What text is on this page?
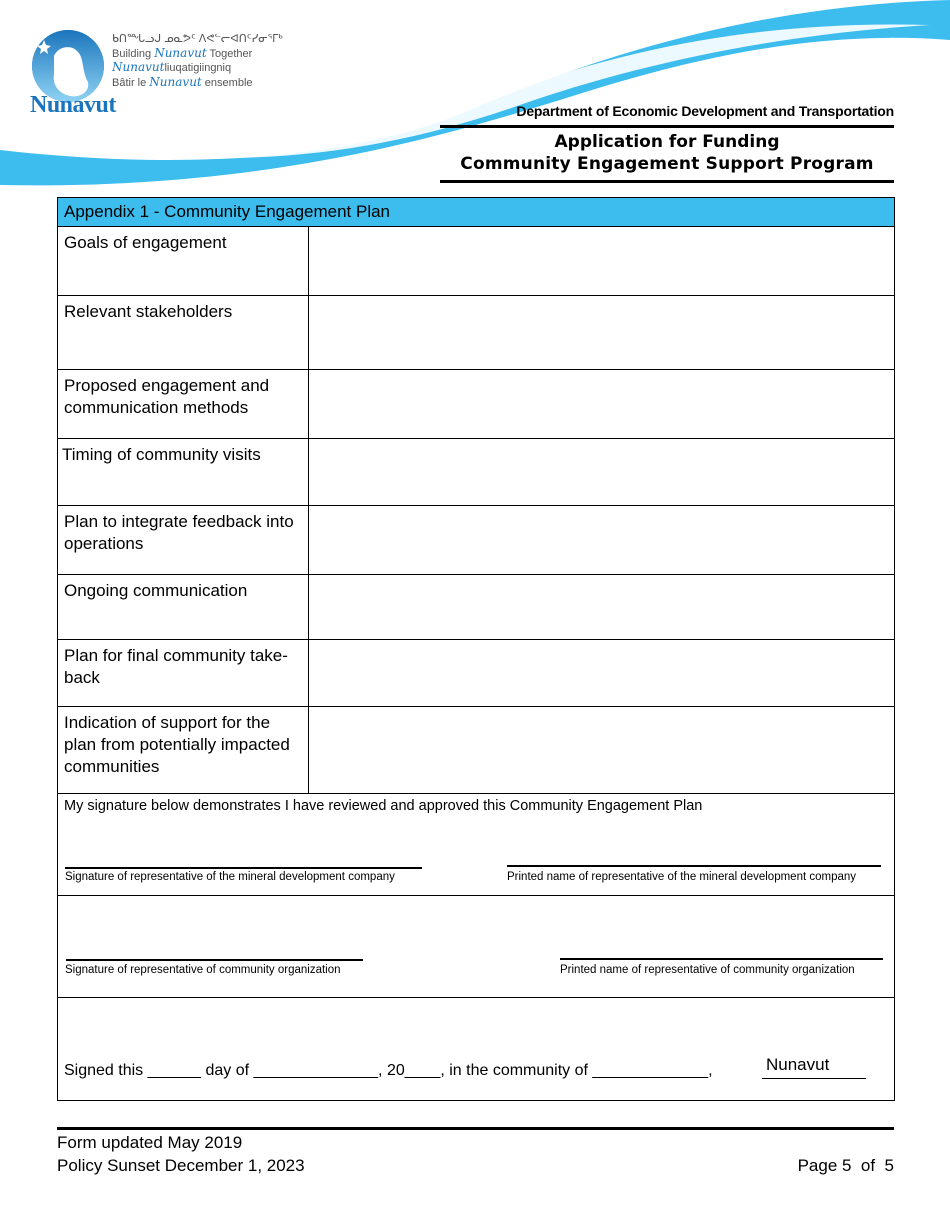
Nunavut
ᑲᑎᙵᓗᒍ ᓄᓇᕗᑦ ᐱᕙᓪᓕᐊᑎᑦᓯᓂᕐᒥᒃ
Building Nunavut Together
Nunavutliuqatigiingniq
Bâtir le Nunavut ensemble
Department of Economic Development and Transportation
Application for Funding
Community Engagement Support Program
Appendix 1 - Community Engagement Plan
Goals of engagement
Relevant stakeholders
Proposed engagement and communication methods
Timing of community visits
Plan to integrate feedback into operations
Ongoing communication
Plan for final community take-back
Indication of support for the plan from potentially impacted communities
My signature below demonstrates I have reviewed and approved this Community Engagement Plan
Signature of representative of the mineral development company	Printed name of representative of the mineral development company
Signature of representative of community organization	Printed name of representative of community organization
Signed this ______ day of ______________, 20____, in the community of _____________,	Nunavut
Form updated May 2019
Policy Sunset December 1, 2023	Page 5  of  5
